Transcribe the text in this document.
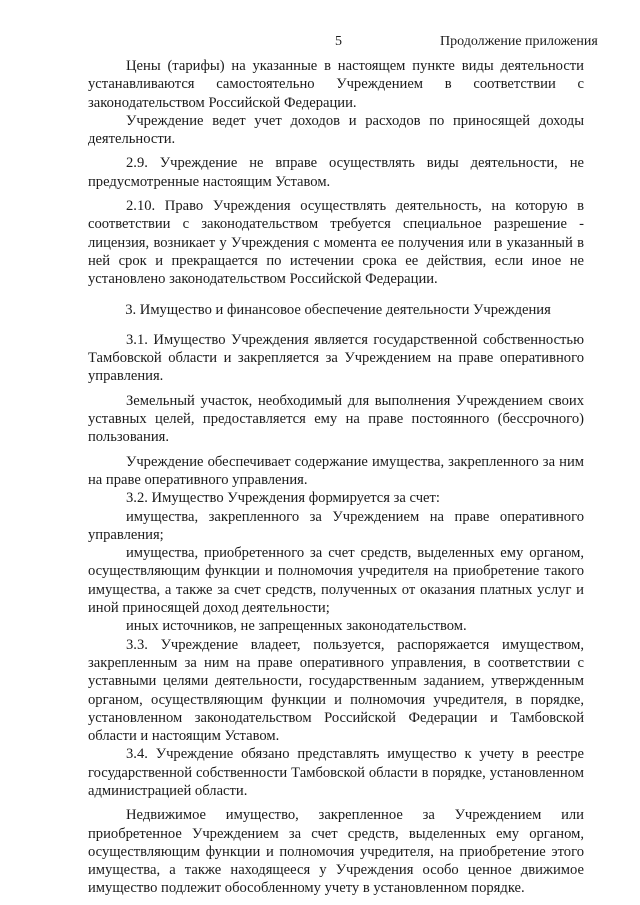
5	Продолжение приложения

Цены (тарифы) на указанные в настоящем пункте виды деятельности устанавливаются самостоятельно Учреждением в соответствии с законодательством Российской Федерации.

Учреждение ведет учет доходов и расходов по приносящей доходы деятельности.

2.9. Учреждение не вправе осуществлять виды деятельности, не предусмотренные настоящим Уставом.

2.10. Право Учреждения осуществлять деятельность, на которую в соответствии с законодательством требуется специальное разрешение - лицензия, возникает у Учреждения с момента ее получения или в указанный в ней срок и прекращается по истечении срока ее действия, если иное не установлено законодательством Российской Федерации.

3. Имущество и финансовое обеспечение деятельности Учреждения

3.1. Имущество Учреждения является государственной собственностью Тамбовской области и закрепляется за Учреждением на праве оперативного управления.

Земельный участок, необходимый для выполнения Учреждением своих уставных целей, предоставляется ему на праве постоянного (бессрочного) пользования.

Учреждение обеспечивает содержание имущества, закрепленного за ним на праве оперативного управления.

3.2. Имущество Учреждения формируется за счет:

имущества, закрепленного за Учреждением на праве оперативного управления;

имущества, приобретенного за счет средств, выделенных ему органом, осуществляющим функции и полномочия учредителя на приобретение такого имущества, а также за счет средств, полученных от оказания платных услуг и иной приносящей доход деятельности;

иных источников, не запрещенных законодательством.

3.3. Учреждение владеет, пользуется, распоряжается имуществом, закрепленным за ним на праве оперативного управления, в соответствии с уставными целями деятельности, государственным заданием, утвержденным органом, осуществляющим функции и полномочия учредителя, в порядке, установленном законодательством Российской Федерации и Тамбовской области и настоящим Уставом.

3.4. Учреждение обязано представлять имущество к учету в реестре государственной собственности Тамбовской области в порядке, установленном администрацией области.

Недвижимое имущество, закрепленное за Учреждением или приобретенное Учреждением за счет средств, выделенных ему органом, осуществляющим функции и полномочия учредителя, на приобретение этого имущества, а также находящееся у Учреждения особо ценное движимое имущество подлежит обособленному учету в установленном порядке.
